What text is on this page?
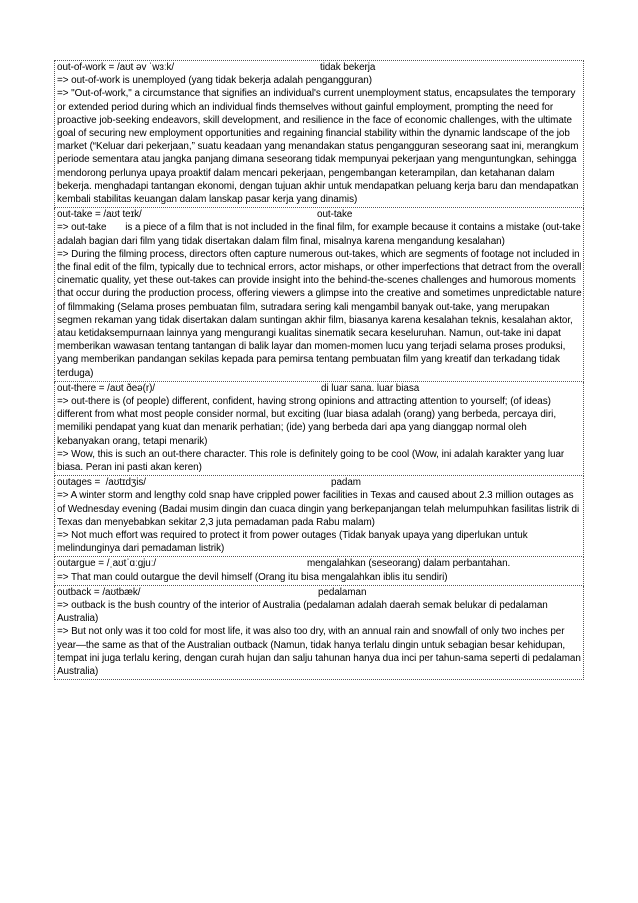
out-of-work = /aʊt əv ˈwɜːk/	tidak bekerja
=> out-of-work is unemployed (yang tidak bekerja adalah pengangguran)
=> "Out-of-work," a circumstance that signifies an individual's current unemployment status, encapsulates the temporary or extended period during which an individual finds themselves without gainful employment, prompting the need for proactive job-seeking endeavors, skill development, and resilience in the face of economic challenges, with the ultimate goal of securing new employment opportunities and regaining financial stability within the dynamic landscape of the job market (“Keluar dari pekerjaan,” suatu keadaan yang menandakan status pengangguran seseorang saat ini, merangkum periode sementara atau jangka panjang dimana seseorang tidak mempunyai pekerjaan yang menguntungkan, sehingga mendorong perlunya upaya proaktif dalam mencari pekerjaan, pengembangan keterampilan, dan ketahanan dalam bekerja. menghadapi tantangan ekonomi, dengan tujuan akhir untuk mendapatkan peluang kerja baru dan mendapatkan kembali stabilitas keuangan dalam lanskap pasar kerja yang dinamis)
out-take = /aʊt teɪk/	out-take
=> out-take       is a piece of a film that is not included in the final film, for example because it contains a mistake (out-take adalah bagian dari film yang tidak disertakan dalam film final, misalnya karena mengandung kesalahan)
=> During the filming process, directors often capture numerous out-takes, which are segments of footage not included in the final edit of the film, typically due to technical errors, actor mishaps, or other imperfections that detract from the overall cinematic quality, yet these out-takes can provide insight into the behind-the-scenes challenges and humorous moments that occur during the production process, offering viewers a glimpse into the creative and sometimes unpredictable nature of filmmaking (Selama proses pembuatan film, sutradara sering kali mengambil banyak out-take, yang merupakan segmen rekaman yang tidak disertakan dalam suntingan akhir film, biasanya karena kesalahan teknis, kesalahan aktor, atau ketidaksempurnaan lainnya yang mengurangi kualitas sinematik secara keseluruhan. Namun, out-take ini dapat memberikan wawasan tentang tantangan di balik layar dan momen-momen lucu yang terjadi selama proses produksi, yang memberikan pandangan sekilas kepada para pemirsa tentang pembuatan film yang kreatif dan terkadang tidak terduga)
out-there = /aʊt ðeə(r)/	di luar sana. luar biasa
=> out-there is (of people) different, confident, having strong opinions and attracting attention to yourself; (of ideas) different from what most people consider normal, but exciting (luar biasa adalah (orang) yang berbeda, percaya diri, memiliki pendapat yang kuat dan menarik perhatian; (ide) yang berbeda dari apa yang dianggap normal oleh kebanyakan orang, tetapi menarik)
=> Wow, this is such an out-there character. This role is definitely going to be cool (Wow, ini adalah karakter yang luar biasa. Peran ini pasti akan keren)
outages =  /aʊtɪdʒis/	padam
=> A winter storm and lengthy cold snap have crippled power facilities in Texas and caused about 2.3 million outages as of Wednesday evening (Badai musim dingin dan cuaca dingin yang berkepanjangan telah melumpuhkan fasilitas listrik di Texas dan menyebabkan sekitar 2,3 juta pemadaman pada Rabu malam)
=> Not much effort was required to protect it from power outages (Tidak banyak upaya yang diperlukan untuk melindunginya dari pemadaman listrik)
outargue = /ˌaʊtˈɑːgjuː/	mengalahkan (seseorang) dalam perbantahan.
=> That man could outargue the devil himself (Orang itu bisa mengalahkan iblis itu sendiri)
outback = /aʊtbæk/	pedalaman
=> outback is the bush country of the interior of Australia (pedalaman adalah daerah semak belukar di pedalaman Australia)
=> But not only was it too cold for most life, it was also too dry, with an annual rain and snowfall of only two inches per year—the same as that of the Australian outback (Namun, tidak hanya terlalu dingin untuk sebagian besar kehidupan, tempat ini juga terlalu kering, dengan curah hujan dan salju tahunan hanya dua inci per tahun-sama seperti di pedalaman Australia)
